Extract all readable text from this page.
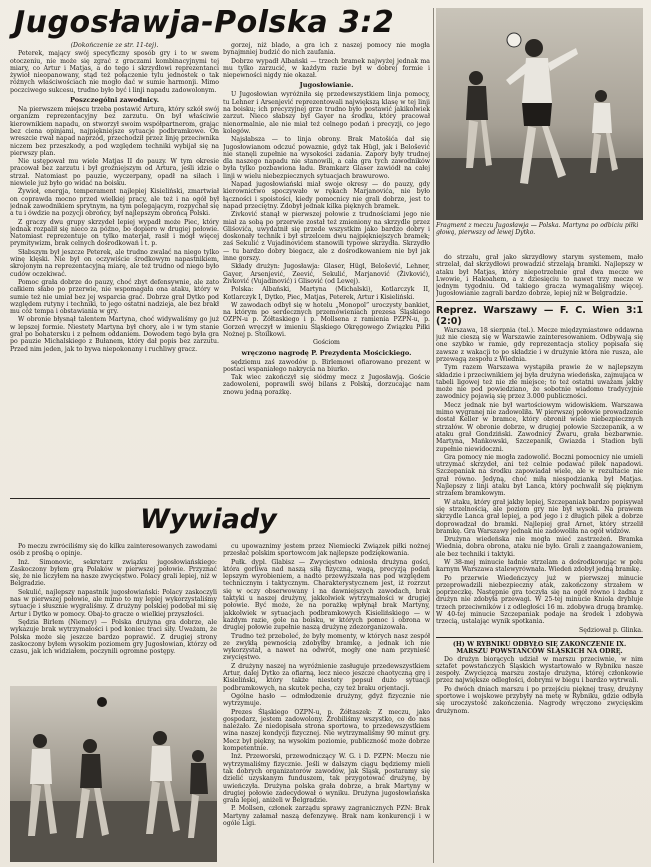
Jugosławja-Polska 3:2

(Dokończenie ze str. 11-tej).

Peterek, mający swój specyficzny sposób gry i to w swem otoczeniu, nie może się zgrać z graczami kombinacyjnymi tej miary, co Artur i Matjas, a do tego i skrzydłowi reprezentanci żywioł nieopanowany, stąd też połączenie tylu jednostek o tak różnych właściwościach nie mogło dać w sumie harmonji. Mimo poczciwego sukcesu, trudno było być i linji napadu zadowolonym.

Poszczególni zawodnicy.

Na pierwszem miejscu trzeba postawić Artura, który szkół swój organizm reprezentacyjny bez zarzutu. On był właściwie kierownikiem napadu, on stworzył swoim współpartnerom, grając bez ciena opinjami, najpiękniejsze sytuacje podbramkowe. On wreszcie rwał napad naprzód, przechodził przez linję przeciwnika niczem bez przeszkody, a pod względem techniki wybijał się na pierwszy plan.

Nie ustępował mu wiele Matjas II do pauzy. W tym okresie pracował bez zarzutu i był groźniejszym od Artura, jeśli idzie o strzał. Natomiast po pauzie, wyczerpany, opadł na siłach i niewiele już było go widać na boisku.

Żywioł, energja, temperament najlepiej Kisieliński, zmartwiał on coprawda mocno przed wielkiej pracy, ale też i na ogół był jednak zawodnikiem sprytnym, na tym polegającym, rozpychał się a tu i ówdzie na pozycji obrońcy, był najlepszym obrońcą Polski.

Z graczy dwu grupy skrzydeł lepiej wypadł może Piec, który jednak rozpalił się nieco za późno, bo dopiero w drugiej połowie. Natomiast reprezentuje on tylko materjał, rasił i mógł więcej prymitywizm, brak celnych dośrodkowań i t. p.

Słabszym był jeszcze Peterek, ale trudno zwalać na niego tylko winę klęski. Nie był on oczywiście środkowym napastnikiem, skrojonym na reprezentacyjną miarę, ale też trudno od niego było cudów oczekiwać.

Pomoc grała dobrze do pauzy, choć zbyt defensywnie, ale zato całkiem słabo po przerwie, nie wspomagała ona ataku, który w sumie też nie umiał bez jej wsparcia grać. Dobrze grał Dytko pod względem rutyny i techniki, to jego ostatni nadzieja, ale bez brakł mu cóż tempa i obstawiania w gry.

W obronie błysnął talentem Martyna, choć widywaliśmy go już w lepszej formie. Niestety Martyna był chory, ale i w tym stanie grał po bohatersku i z pełnem oddaniem. Dowodem tego była gra po pauzie Michalskiego z Bułanem, który dał popis bez zarzutu. Przed nim jeden, jak to bywa niepokonany i ruchliwy gracz.

gorzej, niż blado, a gra ich z naszej pomocy nie mogła bynajmniej budzić do nich zaufania.

Dobrze wypadł Albański — trzech bramek najwyżej jednak ma mu tylko zarzucić, w każdym razie był w dobrej formie i niepewności nigdy nie okazał.

Jugosłowianie.

U Jugosłowian wyróżniła się przedewszystkiem linja pomocy, tu Lehner i Arsenjević reprezentowali największą klasę w tej linji na boisku; ich precyzyjnej grze trudno było postawić jakikolwiek zarzut. Nieco słabszy był Gayer na środku, który pracował nienormalnie, ale nie miał też celnego podań i precyzji, co jego kolegów.

Najsłabsza — to linja obrony. Brak Matošića dał się Jugosłowianom odczuć powaznie, gdyż tak Hügl, jak i Belošević nie stanęli zupełnie na wysokości zadania. Zapory były trudnej dla naszego napadu nie stanowili, a cała gra tych zawodników była tylko pozbawiona ładu. Bramkarz Glaser zawiódł na całej linji w wielu niebezpiecznych sytuacjach brawurowo.

Napad jugosłowiański miał swoje okresy — do pauzy, gdy kierownictwo spoczywało w rękach Marjanovića, nie było łączności i spoistości, kiedy pomocnicy nie grali dobrze, jest to napad przeciętny. Zdobył jednak kilka pięknych bramek.

Zivković stanął w pierwszej połowie z trudnościami jego nie miał za sobą po przerwie został też zmieniony na skrzydle przez Gliśovića, uwydatnił się przede wszystkim jako bardzo dobry i doskonały technik i był strzelcem dwu najpiękniejszych bramek; zaś Sekulić z Vujadinovićem stanowili typowe skrzydła. Skrzydło — tu bardzo dobry biegacz, ale z dośrodkowaniem nie był jak inne gorszy.

Składy drużyn: Jugosławja: Glaser, Hügl, Belošević, Lehner, Gayer, Arsenjević, Zeević, Sekulić, Marjanović (Živković), Živković (Vujadinović) i Glisović (od Lewej).

Polska: Albański, Martyna (Michalski), Kotlarczyk II, Kotlarczyk I, Dytko, Piec, Matjas, Peterek, Artur i Kisieliński.

W zawodach odbył się w hotelu „Monopol” uroczysty bankiet, na którym po serdecznych przemówieniach prezesa Śląskiego OZPN-u p. Żółtaskiego i p. Mollsena z ramienia PZPN-u, p. Gorzeń wręczył w imieniu Śląskiego Okręgowego Związku Piłki Nożnej p. Stoilkowi.

Gościom

wręczono nagrodę P. Prezydenta Mościckiego.

sędziemu zaś zawodów p. Birlemowi ofiarowano prezent w postaci wspaniałego nakrycia na biurko.

Tak wiec zakończył się siódmy mecz z Jugosławją. Goście zadowoleni, poprawili swój bilans z Polską, dorzucając nam znowu jedną porażkę.

Fragment z meczu Jugosławja — Polska. Martyna po odbiciu piłki głową, pierwszy od lewej Dytko.

do strzału, grał jako skrzydłowy starym systemem, mało strzelał, dał skrzydłowi prowadzić strzelają bramki. Najlepszy w ataku był Matjas, który niepotrzebnie grał dwa mecze we Lwowie, i Hakoahem, a z dziesięciu to nawet trzy mecze w jednym tygodniu. Od takiego gracza wymagaliśmy więcej. Jugosłowianie zagrali bardzo dobrze, lepiej niż w Belgradzie.

Reprez. Warszawy — F. C. Wien 3:1 (2:0)

Warszawa, 18 sierpnia (tel.). Mecze międzymiastowe oddawna już nie cieszą się w Warszawie zainteresowaniem. Odbywają się one szybko w ramie, gdy reprezentacja stolicy popisała się zawsze z wakacji to po składzie i w drużynie która nie rusza, ale przewagą zespołu z Wiednia.

Tym razem Warszawa wystąpiła prawie że w najlepszym składzie i przeciwnikiem jej była drużyna wiedeńska, zajmująca w tabeli ligowej też nie złe miejsce; to też ostatni uważam jakby może nie pod powiedziano, że sobotnie wiadomo tradycyjnie zawodnicy pojawią się przez 3.000 publiczności.

Mecz jednak nie był wartościowym widowiskiem. Warszawa mimo wygranej nie zadowoliła. W pierwszej połowie prowadzenie dostał Keller w bramce, który obronił wiele niebezpiecznych strzałów. W obronie dobrze, w drugiej połowie Szczepanik, a w ataku grał Gondziński. Zawodnicy Zwaru, grała bezbarwnie. Martyna, Mańkowski, Szczepanik, Gwiazda i Stadion byli zupełnie niewidoczni.

Gra pomocy nie mogła zadowolić. Boczni pomocnicy nie umieli utrzymać skrzydeł, ani też celnie podawać piłek napadowi. Szczepaniak na środku zapowiadał wiele, ale w rezultacie nie grał równo. Jedyną, choć miłą niespodzianką był Matjas. Najlepszy z linji ataku był Lanca, który pochwalił się pięknym strzałem bramkowym.

W ataku, który grał jakby lepiej, Szczepaniak bardzo popisywał się strzelnością, ale poziom gry nie był wysoki. Na prawem skrzydle Lanca grał lepiej, a pod jego i z długich piłek a dobrze doprowadzał do bramki. Najlepiej grał Arnet, który strzelił bramkę. Gra Warszawy jednak nie zadowoliła na ogół widzów.

Drużyna wiedeńska nie mogła mieć zastrzeżeń. Bramka Wiednia, dobra obrona, ataku nie było. Grali z zaangażowaniem, ale bez techniki i taktyki.

W 38-mej minucie ładnie strzelam a dośrodkowując w polu karnym Warszawa stalewyrównała. Wiedeń zdobył jedną bramkę.

Po przerwie Wiedeńczycy już w pierwszej minucie przeprowadzili niebezpieczny atak, zakończony strzałem w poprzeczkę. Następnie gra toczyła się na ogół równo i żadna z drużyn nie zdobyła przewagi. W 25-tej minucie Kniola drybluje trzech przeciwników i z odległości 16 m. zdobywa drugą bramkę. W 40-tej minucie Szczepaniak podaje na środek i zdobywa trzecią, ustalając wynik spotkania.

Sędziował p. Glinka.

(H) W RYBNIKU ODBYŁO SIĘ ZAKOŃCZENIE IX. MARSZU POWSTAŃCÓW ŚLĄSKICH NA ODRĘ.

Do drużyn biorących udział w marszu przeciwnie, w nim sztafet powstańczych Śląskich wystartowało w Rybniku nasze zespoły. Zwycięzcą marszu zostaje drużyna, której członkowie przez największe odległości, dobrymi w biegu i bardzo wytrwali.

Po dwóch dniach marszu i po przejściu pięknej trasy, drużyny sportowe i wojskowe przybyły na metę w Rybniku, gdzie odbyła się uroczystość zakończenia. Nagrody wręczono zwycięskim drużynom.

Wywiady

Po meczu zwróciliśmy się do kilku zainteresowanych zawodami osób z prośbą o opinje.

Inż. Simonovic, sekretarz związku jugosłowiańskiego: Zaskoczony byłem grą Polaków w pierwszej połowie. Przyznać się, że nie liczyłem na nasze zwycięstwo. Polacy grali lepiej, niż w Belgradzie.

Sekulić, najlepszy napastnik jugosłowiański: Polacy zaskoczyli nas w pierwszej połowie, ale mimo to my lepiej wykorzystaliśmy sytuacje i słusznie wygraliśmy. Z drużyny polskiej podobał mi się Artur i Dytko w pomocy. Obaj-to gracze o wielkiej przyszłości.

Sędzia Birlem (Niemcy) — Polska drużyna gra dobrze, ale wykazuje brak wytrzymałości i pod koniec traci siły. Uważam, że Polska może się jeszcze bardzo poprawić. Z drugiej strony zaskoczony byłem wysokim poziomem gry Jugosłowian, którzy od czasu, jak ich widziałem, poczynili ogromne postępy.

cu upowaznimy jestem przez Niemiecki Związek piłki nożnej przesłać polskim sportowcom jak najlepsze podziękowania.

Pułk. dypl. Glabisz — Zwycięstwo odniosła drużyna gości, która gorliwa nad naszą siłą fizyczną, wagą, precyzją podań lepszym wyrobieniem, a nadto przewyższała nas pod względem technicznym i taktycznym. Charakterystycznem jest, iż rozrzut się w oczy obserwowany i na dawniejszych zawodach, brak taktyki u naszej drużyny, jakkolwiek wytrzymałości w drugiej połowie. Być może, że na porażkę wpłynął brak Martyny, jakkolwiek w sytuacjach podbramkowych Kisielińskiego — w każdym razie, gole na boisku, w których pomoc i obrona w drugiej połowie zupełnie naszą drużynę zdezorganizowała.

Trudno też przeboleć, że były momenty, w których nasz zespół ze zwykłą pewnością zdobyłby bramkę, a jednak ich nie wykorzystał, a nawet na odwrót, mogły one nam przynieść zwycięstwo.

Z drużyny naszej na wyróżnienie zasługuje przedewszystkiem Artur, dalej Dytko za ofiarną, lecz nieco jeszcze chaotyczną grę i Kisieliński, który także niestety popsuł dużo sytuacji podbramkowych, na skutek pecha, czy też braku orjentacji.

Ogólne hasło — odmłodzenie drużyny, gdyż fizycznie nie wytrzymuje.

Prezes Śląskiego OZPN-u, p. Żółtaszek: Z meczu, jako gospodarz, jestem zadowolony. Zrobiliśmy wszystko, co do nas należało. Ze niedopisała strona sportowa, to przedewszystkiem wina naszej kondycji fizycznej. Nie wytrzymaliśmy 90 minut gry. Mecz był piękny, na wysokim poziomie, publiczność może dobrze kompetentnie.

Inż. Przeworski, przewodniczący W. G. i D. PZPN: Meczu nie wytrzymaliśmy fizycznie. Jeśli w dalszym ciągu będziemy mieli tak dobrych organizatorów zawodów, jak Śląsk, postaramy się dzielić uzyskanym funduszem, tak przygotować drużynę, by uwieńczyła. Drużyna polska grała dobrze, a brak Martyny w drugiej połowie zadecydował o wyniku. Drużyna jugosłowiańska grała lepiej, aniżeli w Belgradzie.

P. Mollsen, członek zarządu sprawy zagranicznych PZN: Brak Martyny załamał naszą defenzywę. Brak nam konkurencji i w ogóle Ligi.
